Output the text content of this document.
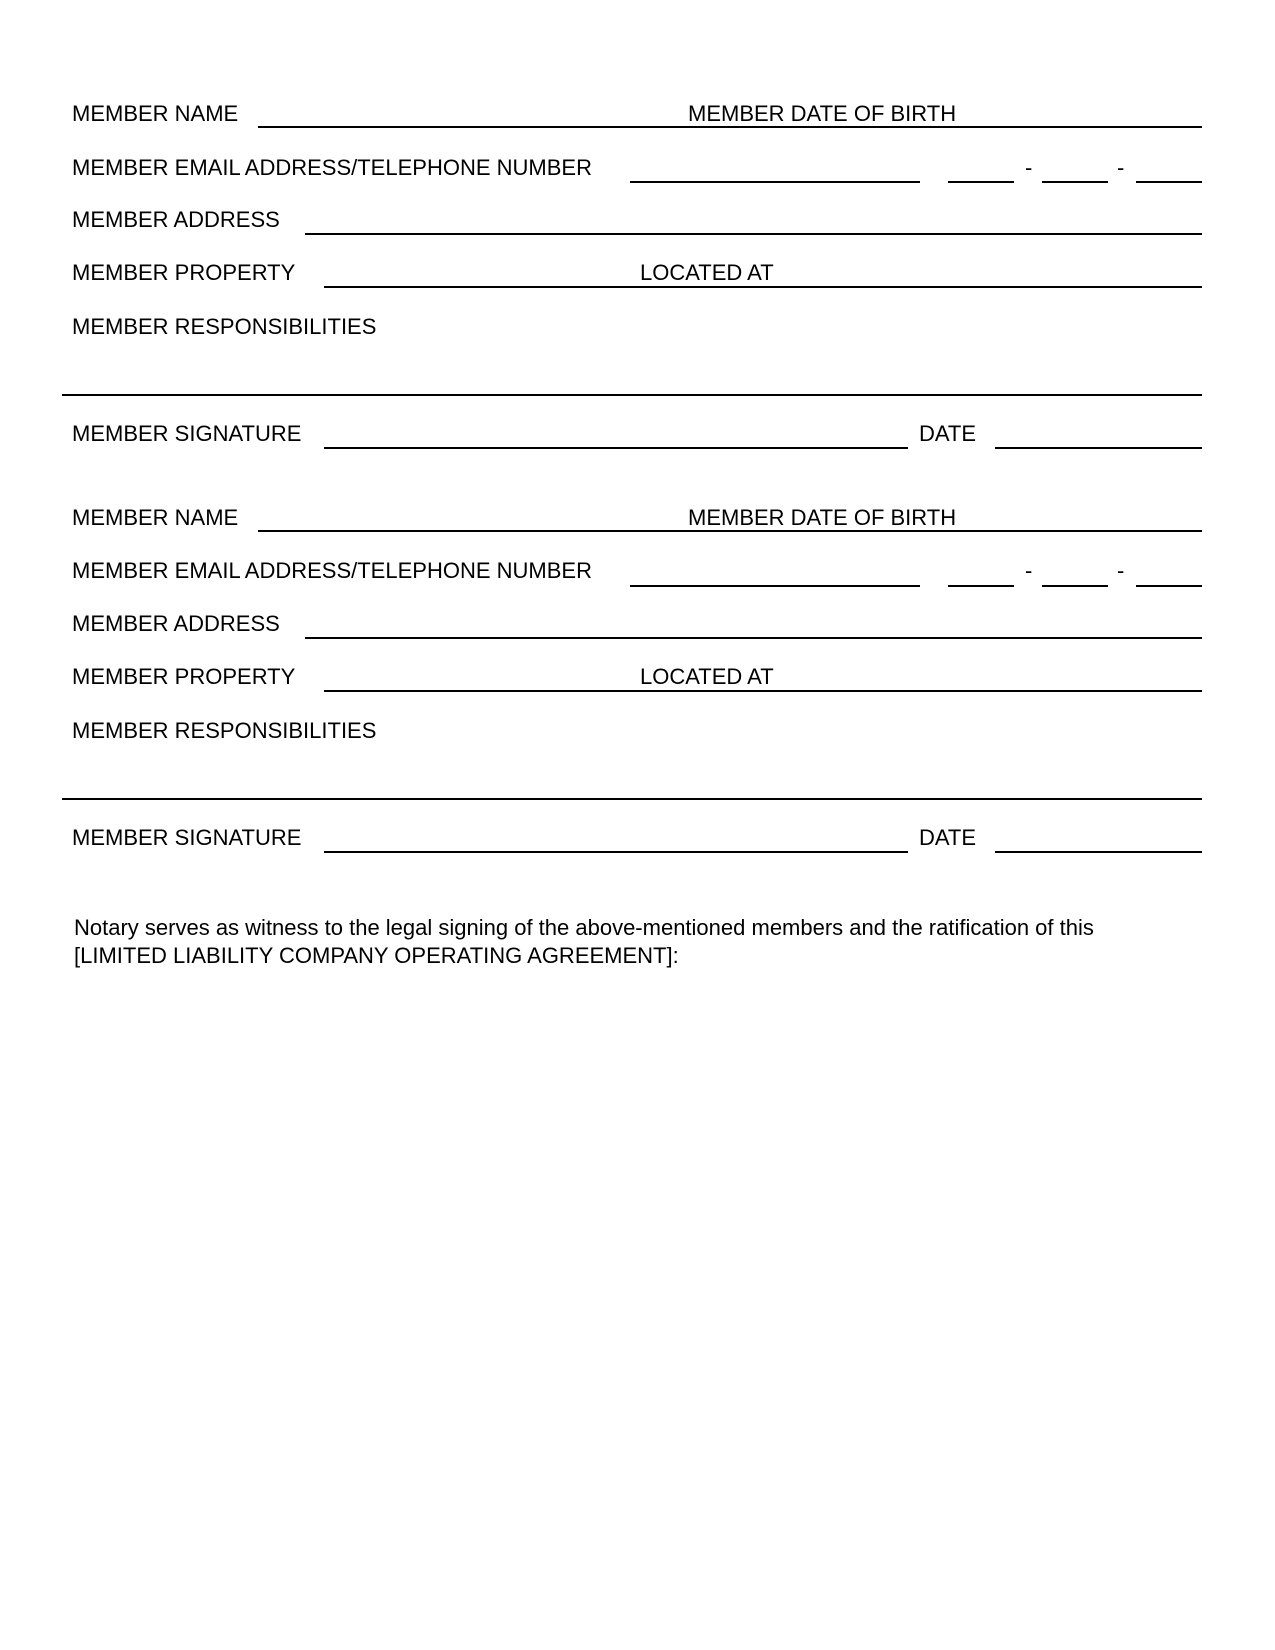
MEMBER NAME	MEMBER DATE OF BIRTH
MEMBER EMAIL ADDRESS/TELEPHONE NUMBER	-	-
MEMBER ADDRESS
MEMBER PROPERTY	LOCATED AT
MEMBER RESPONSIBILITIES
MEMBER SIGNATURE	DATE
MEMBER NAME	MEMBER DATE OF BIRTH
MEMBER EMAIL ADDRESS/TELEPHONE NUMBER	-	-
MEMBER ADDRESS
MEMBER PROPERTY	LOCATED AT
MEMBER RESPONSIBILITIES
MEMBER SIGNATURE	DATE
Notary serves as witness to the legal signing of the above-mentioned members and the ratification of this
[LIMITED LIABILITY COMPANY OPERATING AGREEMENT]:
